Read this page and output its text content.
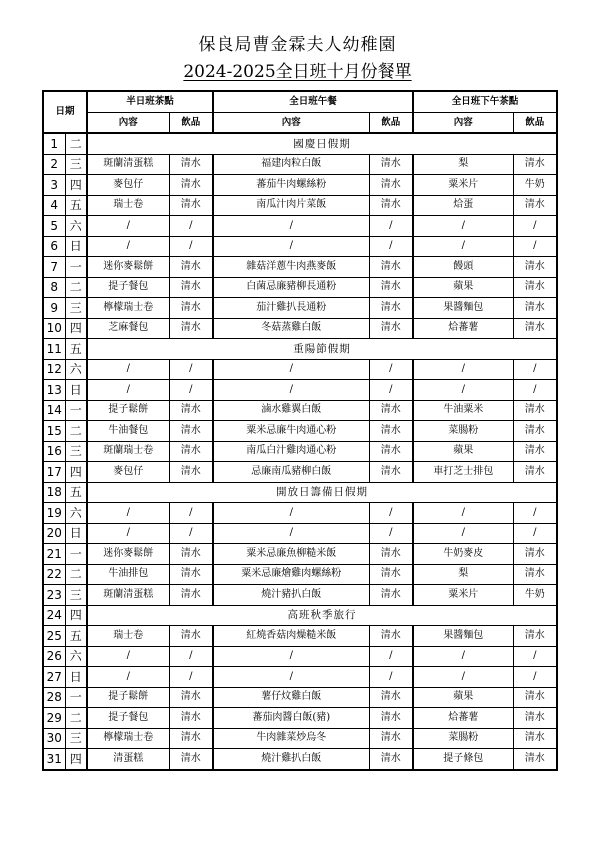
保良局曹金霖夫人幼稚園
2024-2025全日班十月份餐單
日期		半日班茶點		全日班午餐		全日班下午茶點	
		內容	飲品	內容	飲品	內容	飲品
1	二	國慶日假期					
2	三	斑蘭清蛋糕	清水	福建肉粒白飯	清水	梨	清水
3	四	麥包仔	清水	蕃茄牛肉螺絲粉	清水	粟米片	牛奶
4	五	瑞士卷	清水	南瓜汁肉片菜飯	清水	烚蛋	清水
5	六	/	/	/	/	/	/
6	日	/	/	/	/	/	/
7	一	迷你麥鬆餅	清水	雜菇洋蔥牛肉燕麥飯	清水	饅頭	清水
8	二	提子餐包	清水	白菌忌廉豬柳長通粉	清水	蘋果	清水
9	三	檸檬瑞士卷	清水	茄汁雞扒長通粉	清水	果醬麵包	清水
10	四	芝麻餐包	清水	冬菇蒸雞白飯	清水	烚蕃薯	清水
11	五	重陽節假期					
12	六	/	/	/	/	/	/
13	日	/	/	/	/	/	/
14	一	提子鬆餅	清水	滷水雞翼白飯	清水	牛油粟米	清水
15	二	牛油餐包	清水	粟米忌廉牛肉通心粉	清水	菜腸粉	清水
16	三	斑蘭瑞士卷	清水	南瓜白汁雞肉通心粉	清水	蘋果	清水
17	四	麥包仔	清水	忌廉南瓜豬柳白飯	清水	車打芝士排包	清水
18	五	開放日籌備日假期					
19	六	/	/	/	/	/	/
20	日	/	/	/	/	/	/
21	一	迷你麥鬆餅	清水	粟米忌廉魚柳糙米飯	清水	牛奶麥皮	清水
22	二	牛油排包	清水	粟米忌廉燴雞肉螺絲粉	清水	梨	清水
23	三	斑蘭清蛋糕	清水	燒汁豬扒白飯	清水	粟米片	牛奶
24	四	高班秋季旅行					
25	五	瑞士卷	清水	紅燒香菇肉燥糙米飯	清水	果醬麵包	清水
26	六	/	/	/	/	/	/
27	日	/	/	/	/	/	/
28	一	提子鬆餅	清水	薯仔炆雞白飯	清水	蘋果	清水
29	二	提子餐包	清水	蕃茄肉醬白飯(豬)	清水	烚蕃薯	清水
30	三	檸檬瑞士卷	清水	牛肉雜菜炒烏冬	清水	菜腸粉	清水
31	四	清蛋糕	清水	燒汁雞扒白飯	清水	提子條包	清水
